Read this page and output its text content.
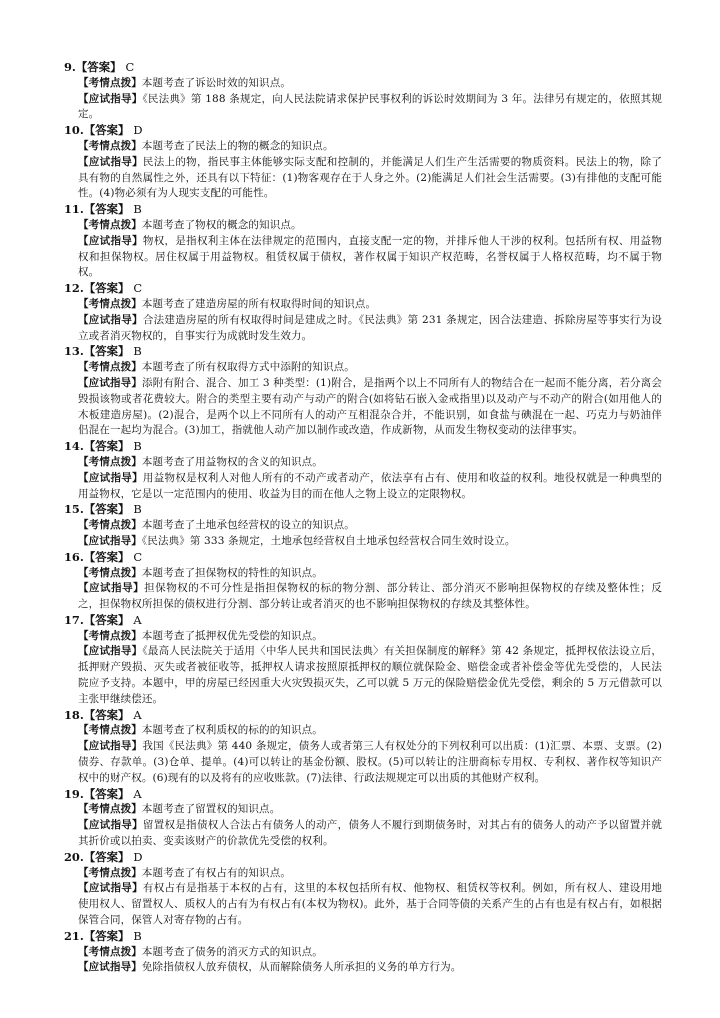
9.【答案】 C
【考情点拨】本题考查了诉讼时效的知识点。
【应试指导】《民法典》第 188 条规定，向人民法院请求保护民事权利的诉讼时效期间为 3 年。法律另有规定的，依照其规定。
10.【答案】 D
【考情点拨】本题考查了民法上的物的概念的知识点。
【应试指导】民法上的物，指民事主体能够实际支配和控制的，并能满足人们生产生活需要的物质资料。民法上的物，除了具有物的自然属性之外，还具有以下特征：(1)物客观存在于人身之外。(2)能满足人们社会生活需要。(3)有排他的支配可能性。(4)物必须有为人现实支配的可能性。
11.【答案】 B
【考情点拨】本题考查了物权的概念的知识点。
【应试指导】物权，是指权利主体在法律规定的范围内，直接支配一定的物，并排斥他人干涉的权利。包括所有权、用益物权和担保物权。居住权属于用益物权。租赁权属于债权，著作权属于知识产权范畴，名誉权属于人格权范畴，均不属于物权。
12.【答案】 C
【考情点拨】本题考查了建造房屋的所有权取得时间的知识点。
【应试指导】合法建造房屋的所有权取得时间是建成之时。《民法典》第 231 条规定，因合法建造、拆除房屋等事实行为设立或者消灭物权的，自事实行为成就时发生效力。
13.【答案】 B
【考情点拨】本题考查了所有权取得方式中添附的知识点。
【应试指导】添附有附合、混合、加工 3 种类型：(1)附合，是指两个以上不同所有人的物结合在一起而不能分离，若分离会毁损该物或者花费较大。附合的类型主要有动产与动产的附合(如将钻石嵌入金戒指里)以及动产与不动产的附合(如用他人的木板建造房屋)。(2)混合，是两个以上不同所有人的动产互相混杂合并，不能识别，如食盐与碘混在一起、巧克力与奶油伴侣混在一起均为混合。(3)加工，指就他人动产加以制作或改造，作成新物，从而发生物权变动的法律事实。
14.【答案】 B
【考情点拨】本题考查了用益物权的含义的知识点。
【应试指导】用益物权是权利人对他人所有的不动产或者动产，依法享有占有、使用和收益的权利。地役权就是一种典型的用益物权，它是以一定范围内的使用、收益为目的而在他人之物上设立的定限物权。
15.【答案】 B
【考情点拨】本题考查了土地承包经营权的设立的知识点。
【应试指导】《民法典》第 333 条规定，土地承包经营权自土地承包经营权合同生效时设立。
16.【答案】 C
【考情点拨】本题考查了担保物权的特性的知识点。
【应试指导】担保物权的不可分性是指担保物权的标的物分割、部分转让、部分消灭不影响担保物权的存续及整体性；反之，担保物权所担保的债权进行分割、部分转让或者消灭的也不影响担保物权的存续及其整体性。
17.【答案】 A
【考情点拨】本题考查了抵押权优先受偿的知识点。
【应试指导】《最高人民法院关于适用〈中华人民共和国民法典〉有关担保制度的解释》第 42 条规定，抵押权依法设立后，抵押财产毁损、灭失或者被征收等，抵押权人请求按照原抵押权的顺位就保险金、赔偿金或者补偿金等优先受偿的，人民法院应予支持。本题中，甲的房屋已经因重大火灾毁损灭失，乙可以就 5 万元的保险赔偿金优先受偿，剩余的 5 万元借款可以主张甲继续偿还。
18.【答案】 A
【考情点拨】本题考查了权利质权的标的的知识点。
【应试指导】我国《民法典》第 440 条规定，债务人或者第三人有权处分的下列权利可以出质：(1)汇票、本票、支票。(2)债券、存款单。(3)仓单、提单。(4)可以转让的基金份额、股权。(5)可以转让的注册商标专用权、专利权、著作权等知识产权中的财产权。(6)现有的以及将有的应收账款。(7)法律、行政法规规定可以出质的其他财产权利。
19.【答案】 A
【考情点拨】本题考查了留置权的知识点。
【应试指导】留置权是指债权人合法占有债务人的动产，债务人不履行到期债务时，对其占有的债务人的动产予以留置并就其折价或以拍卖、变卖该财产的价款优先受偿的权利。
20.【答案】 D
【考情点拨】本题考查了有权占有的知识点。
【应试指导】有权占有是指基于本权的占有，这里的本权包括所有权、他物权、租赁权等权利。例如，所有权人、建设用地使用权人、留置权人、质权人的占有为有权占有(本权为物权)。此外，基于合同等债的关系产生的占有也是有权占有，如根据保管合同，保管人对寄存物的占有。
21.【答案】 B
【考情点拨】本题考查了债务的消灭方式的知识点。
【应试指导】免除指债权人放弃债权，从而解除债务人所承担的义务的单方行为。
